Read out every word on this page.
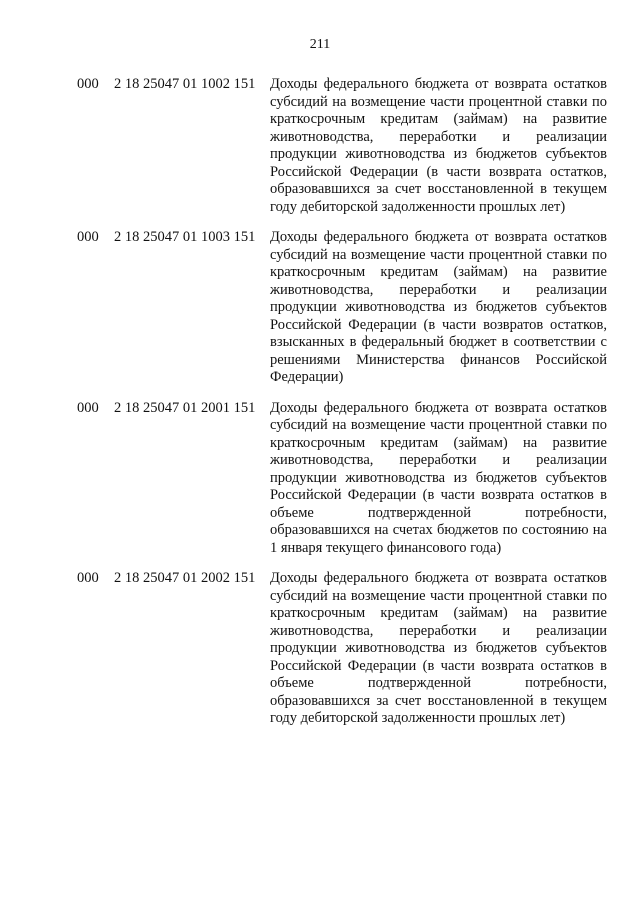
211
000 2 18 25047 01 1002 151 Доходы федерального бюджета от возврата остатков субсидий на возмещение части процентной ставки по краткосрочным кредитам (займам) на развитие животноводства, переработки и реализации продукции животноводства из бюджетов субъектов Российской Федерации (в части возврата остатков, образовавшихся за счет восстановленной в текущем году дебиторской задолженности прошлых лет)
000 2 18 25047 01 1003 151 Доходы федерального бюджета от возврата остатков субсидий на возмещение части процентной ставки по краткосрочным кредитам (займам) на развитие животноводства, переработки и реализации продукции животноводства из бюджетов субъектов Российской Федерации (в части возвратов остатков, взысканных в федеральный бюджет в соответствии с решениями Министерства финансов Российской Федерации)
000 2 18 25047 01 2001 151 Доходы федерального бюджета от возврата остатков субсидий на возмещение части процентной ставки по краткосрочным кредитам (займам) на развитие животноводства, переработки и реализации продукции животноводства из бюджетов субъектов Российской Федерации (в части возврата остатков в объеме подтвержденной потребности, образовавшихся на счетах бюджетов по состоянию на 1 января текущего финансового года)
000 2 18 25047 01 2002 151 Доходы федерального бюджета от возврата остатков субсидий на возмещение части процентной ставки по краткосрочным кредитам (займам) на развитие животноводства, переработки и реализации продукции животноводства из бюджетов субъектов Российской Федерации (в части возврата остатков в объеме подтвержденной потребности, образовавшихся за счет восстановленной в текущем году дебиторской задолженности прошлых лет)
